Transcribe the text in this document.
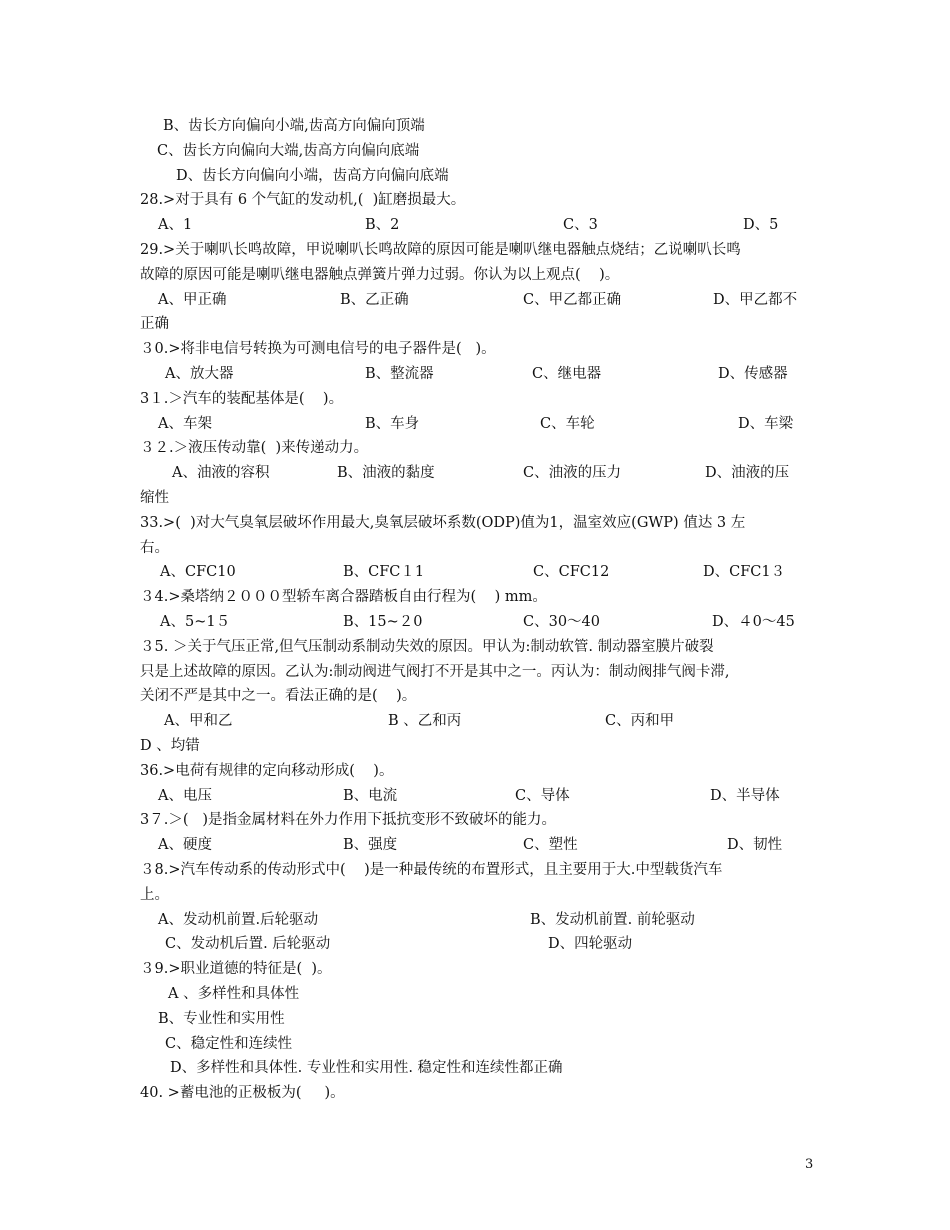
B、齿长方向偏向小端,齿高方向偏向顶端
C、齿长方向偏向大端,齿高方向偏向底端
D、齿长方向偏向小端，齿高方向偏向底端
28.>对于具有 6 个气缸的发动机,(  )缸磨损最大。
A、1	B、2	C、3	D、5
29.>关于喇叭长鸣故障，甲说喇叭长鸣故障的原因可能是喇叭继电器触点烧结；乙说喇叭长鸣
故障的原因可能是喇叭继电器触点弹簧片弹力过弱。你认为以上观点(    )。
A、甲正确	B、乙正确	C、甲乙都正确	D、甲乙都不
正确
３0.>将非电信号转换为可测电信号的电子器件是(   )。
A、放大器	B、整流器	C、继电器	D、传感器
3１.＞汽车的装配基体是(    )。
A、车架	B、车身	C、车轮	D、车梁
３２.＞液压传动靠(  )来传递动力。
A、油液的容积	B、油液的黏度	C、油液的压力	D、油液的压
缩性
33.>(  )对大气臭氧层破坏作用最大,臭氧层破坏系数(ODP)值为1，温室效应(GWP) 值达 3 左
右。
A、CFC10	B、CFC１1	C、CFC12	D、CFC1３
３4.>桑塔纳２０００型轿车离合器踏板自由行程为(    ) mm。
A、5~1５	B、15~２0	C、30～40	D、４0～45
３5. ＞关于气压正常,但气压制动系制动失效的原因。甲认为:制动软管. 制动器室膜片破裂
只是上述故障的原因。乙认为:制动阀进气阀打不开是其中之一。丙认为：制动阀排气阀卡滞,
关闭不严是其中之一。看法正确的是(    )。
A、甲和乙	B 、乙和丙	C、丙和甲
D 、均错
36.>电荷有规律的定向移动形成(    )。
A、电压	B、电流	C、导体	D、半导体
3７.＞(   )是指金属材料在外力作用下抵抗变形不致破坏的能力。
A、硬度	B、强度	C、塑性	D、韧性
３8.>汽车传动系的传动形式中(    )是一种最传统的布置形式，且主要用于大.中型载货汽车
上。
A、发动机前置.后轮驱动	B、发动机前置. 前轮驱动
C、发动机后置. 后轮驱动	D、四轮驱动
３9.>职业道德的特征是(  )。
A 、多样性和具体性
B、专业性和实用性
C、稳定性和连续性
D、多样性和具体性. 专业性和实用性. 稳定性和连续性都正确
40. >蓄电池的正极板为(     )。
3
